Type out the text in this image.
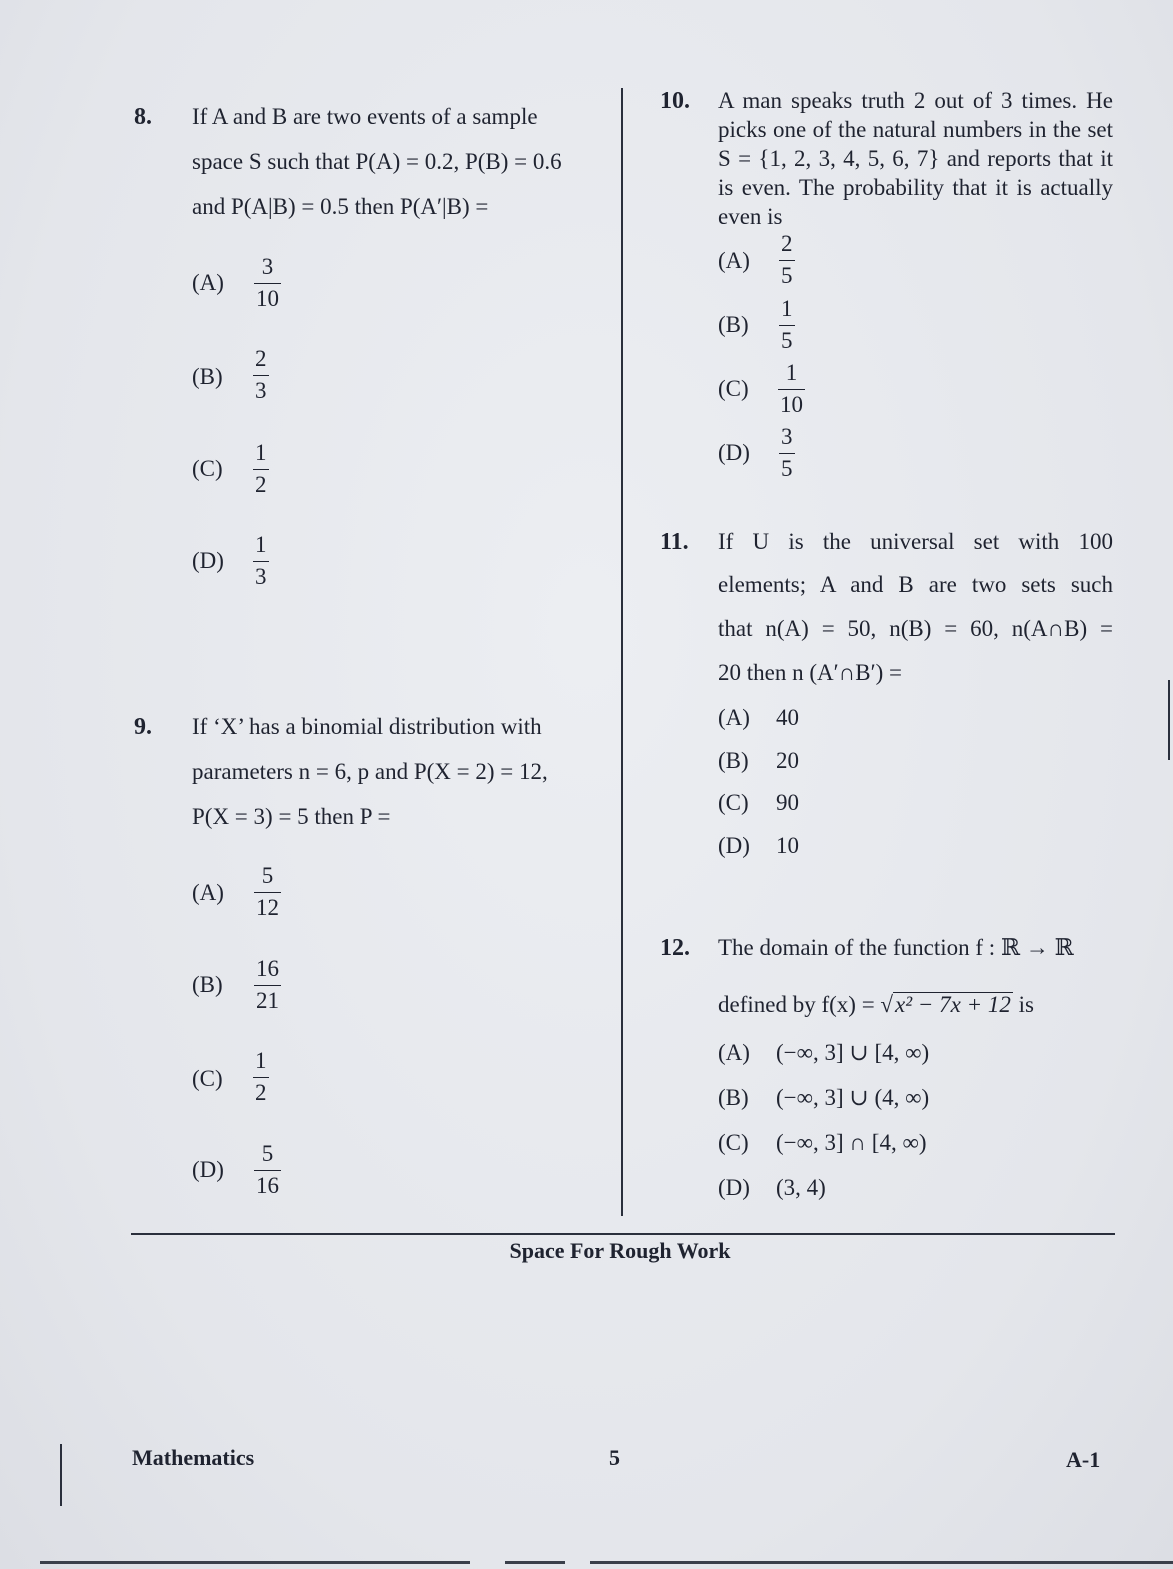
8. If A and B are two events of a sample
space S such that P(A) = 0.2, P(B) = 0.6
and P(A|B) = 0.5 then P(A′|B) =
(A)
3
10
(B)
2
3
(C)
1
2
(D)
1
3
9. If ‘X’ has a binomial distribution with
parameters n = 6, p and P(X = 2) = 12,
P(X = 3) = 5 then P =
(A)
5
12
(B)
16
21
(C)
1
2
(D)
5
16
10. A man speaks truth 2 out of 3 times. He picks one of the natural numbers in the set S = {1, 2, 3, 4, 5, 6, 7} and reports that it is even. The probability that it is actually even is
(A)
2
5
(B)
1
5
(C)
1
10
(D)
3
5
11. If U is the universal set with 100
elements; A and B are two sets such
that n(A) = 50, n(B) = 60, n(A∩B) =
20 then n (A′∩B′) =
(A) 40
(B) 20
(C) 90
(D) 10
12. The domain of the function f : ℝ → ℝ
defined by f(x) = √x² − 7x + 12 is
(A) (−∞, 3] ∪ [4, ∞)
(B) (−∞, 3] ∪ (4, ∞)
(C) (−∞, 3] ∩ [4, ∞)
(D) (3, 4)
Space For Rough Work
Mathematics	5	A-1
